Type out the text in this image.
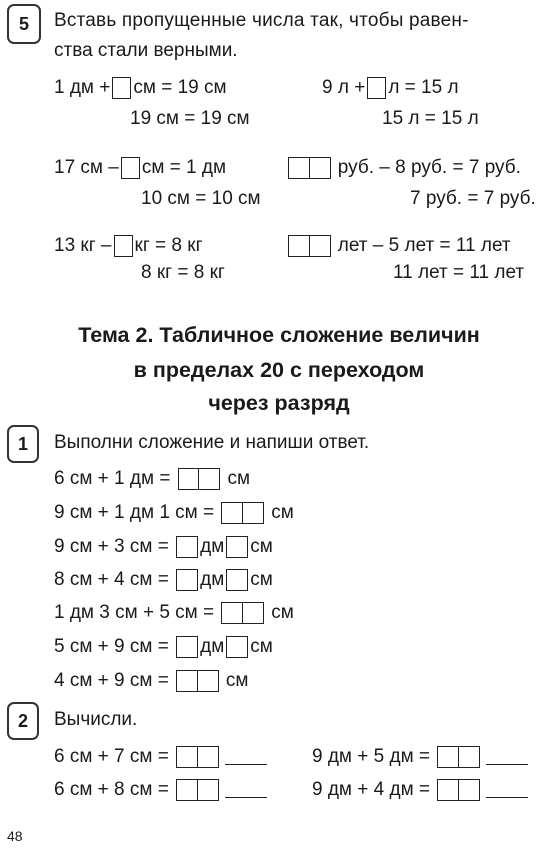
5	Вставь пропущенные числа так, чтобы равен-
ства стали верными.
1 дм + см = 19 см
19 см = 19 см
9 л + л = 15 л
15 л = 15 л
17 см – см = 1 дм
10 см = 10 см
руб. – 8 руб. = 7 руб.
7 руб. = 7 руб.
13 кг – кг = 8 кг
8 кг = 8 кг
лет – 5 лет = 11 лет
11 лет = 11 лет
Тема 2. Табличное сложение величин
в пределах 20 с переходом
через разряд
1	Выполни сложение и напиши ответ.
6 см + 1 дм =	см
9 см + 1 дм 1 см =	см
9 см + 3 см = дм см
8 см + 4 см = дм см
1 дм 3 см + 5 см =	см
5 см + 9 см = дм см
4 см + 9 см =	см
2	Вычисли.
6 см + 7 см =	9 дм + 5 дм =
6 см + 8 см =	9 дм + 4 дм =
48
